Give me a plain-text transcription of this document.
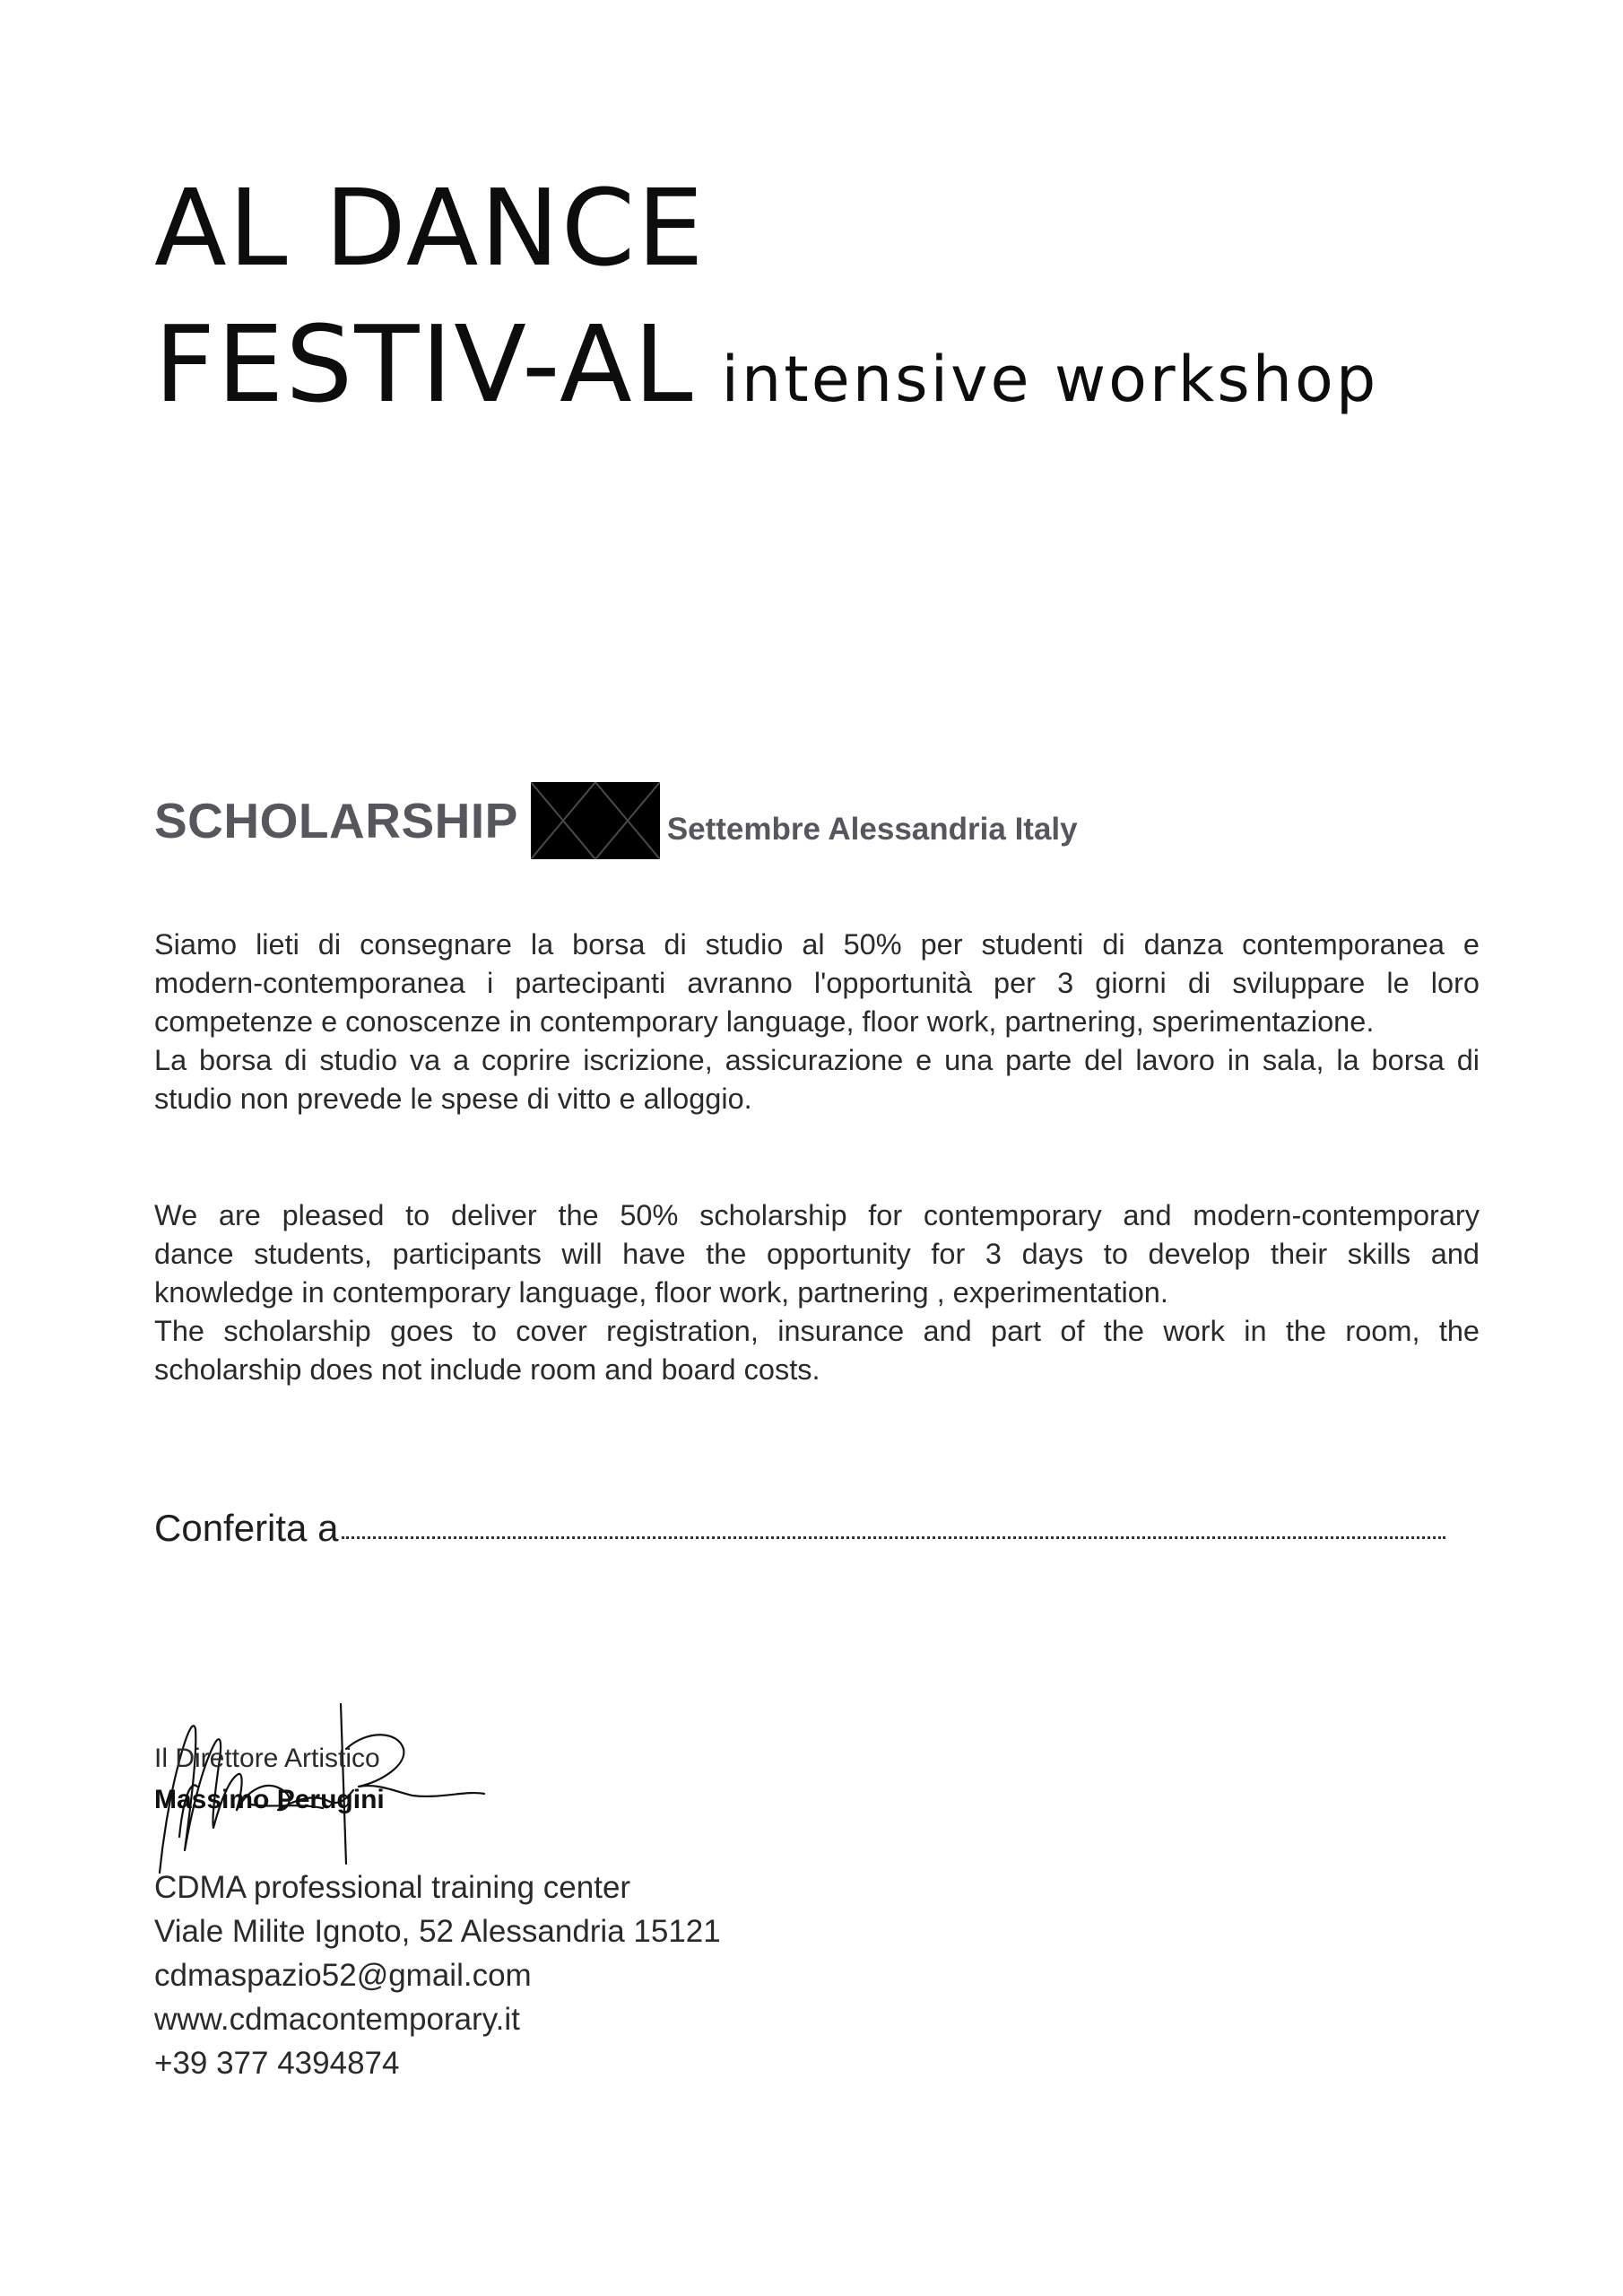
AL DANCE
FESTIV-AL intensive workshop
SCHOLARSHIP	Settembre Alessandria Italy

Siamo lieti di consegnare la borsa di studio al 50% per studenti di danza contemporanea e
modern-contemporanea i partecipanti avranno l'opportunità per 3 giorni di sviluppare le loro
competenze e conoscenze in contemporary language, floor work, partnering, sperimentazione.
La borsa di studio va a coprire iscrizione, assicurazione e una parte del lavoro in sala, la borsa di
studio non prevede le spese di vitto e alloggio.

We are pleased to deliver the 50% scholarship for contemporary and modern-contemporary
dance students, participants will have the opportunity for 3 days to develop their skills and
knowledge in contemporary language, floor work, partnering , experimentation.
The scholarship goes to cover registration, insurance and part of the work in the room, the
scholarship does not include room and board costs.

Conferita a
Il Direttore Artistico
Massimo Perugini
CDMA professional training center
Viale Milite Ignoto, 52 Alessandria 15121
cdmaspazio52@gmail.com
www.cdmacontemporary.it
+39 377 4394874
